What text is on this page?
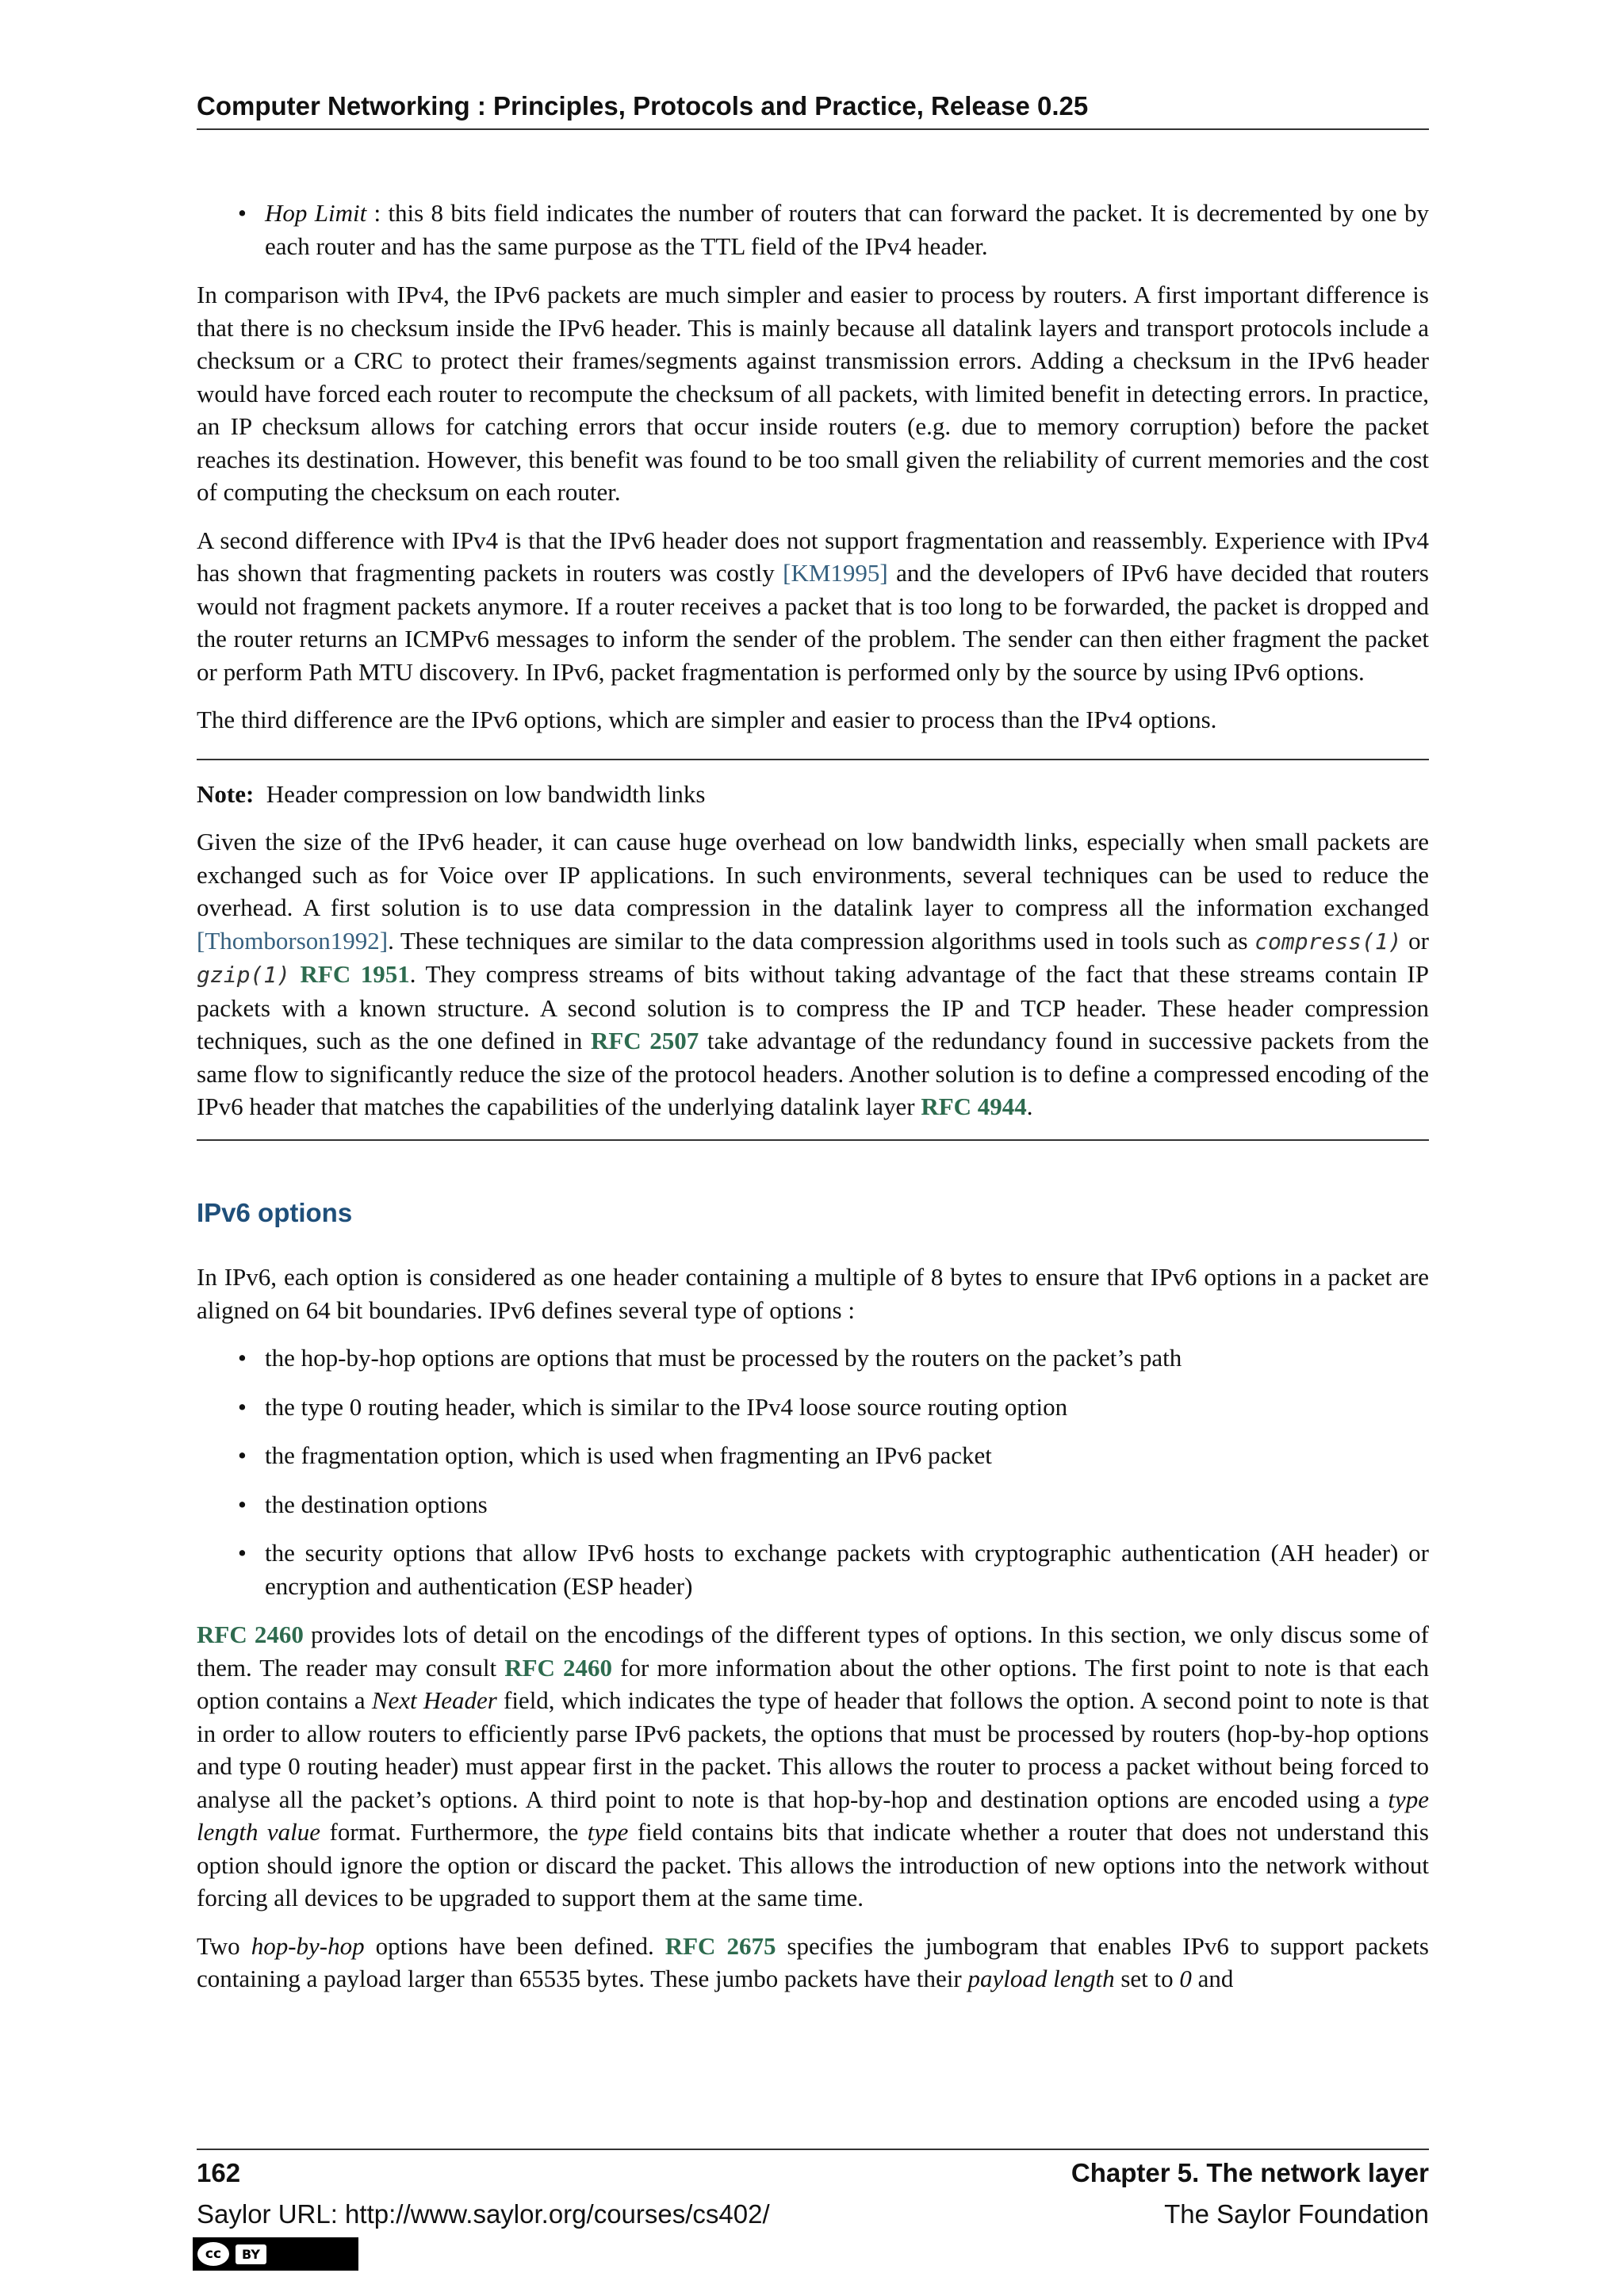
Computer Networking : Principles, Protocols and Practice, Release 0.25
• Hop Limit : this 8 bits field indicates the number of routers that can forward the packet. It is decremented by one by each router and has the same purpose as the TTL field of the IPv4 header.

In comparison with IPv4, the IPv6 packets are much simpler and easier to process by routers. A first important difference is that there is no checksum inside the IPv6 header. This is mainly because all datalink layers and transport protocols include a checksum or a CRC to protect their frames/segments against transmission errors. Adding a checksum in the IPv6 header would have forced each router to recompute the checksum of all packets, with limited benefit in detecting errors. In practice, an IP checksum allows for catching errors that occur inside routers (e.g. due to memory corruption) before the packet reaches its destination. However, this benefit was found to be too small given the reliability of current memories and the cost of computing the checksum on each router.

A second difference with IPv4 is that the IPv6 header does not support fragmentation and reassembly. Experience with IPv4 has shown that fragmenting packets in routers was costly [KM1995] and the developers of IPv6 have decided that routers would not fragment packets anymore. If a router receives a packet that is too long to be forwarded, the packet is dropped and the router returns an ICMPv6 messages to inform the sender of the problem. The sender can then either fragment the packet or perform Path MTU discovery. In IPv6, packet fragmentation is performed only by the source by using IPv6 options.

The third difference are the IPv6 options, which are simpler and easier to process than the IPv4 options.

Note: Header compression on low bandwidth links

Given the size of the IPv6 header, it can cause huge overhead on low bandwidth links, especially when small packets are exchanged such as for Voice over IP applications. In such environments, several techniques can be used to reduce the overhead. A first solution is to use data compression in the datalink layer to compress all the information exchanged [Thomborson1992]. These techniques are similar to the data compression algorithms used in tools such as compress(1) or gzip(1) RFC 1951. They compress streams of bits without taking advantage of the fact that these streams contain IP packets with a known structure. A second solution is to compress the IP and TCP header. These header compression techniques, such as the one defined in RFC 2507 take advantage of the redundancy found in successive packets from the same flow to significantly reduce the size of the protocol headers. Another solution is to define a compressed encoding of the IPv6 header that matches the capabilities of the underlying datalink layer RFC 4944.

IPv6 options

In IPv6, each option is considered as one header containing a multiple of 8 bytes to ensure that IPv6 options in a packet are aligned on 64 bit boundaries. IPv6 defines several type of options :

• the hop-by-hop options are options that must be processed by the routers on the packet’s path
• the type 0 routing header, which is similar to the IPv4 loose source routing option
• the fragmentation option, which is used when fragmenting an IPv6 packet
• the destination options
• the security options that allow IPv6 hosts to exchange packets with cryptographic authentication (AH header) or encryption and authentication (ESP header)

RFC 2460 provides lots of detail on the encodings of the different types of options. In this section, we only discus some of them. The reader may consult RFC 2460 for more information about the other options. The first point to note is that each option contains a Next Header field, which indicates the type of header that follows the option. A second point to note is that in order to allow routers to efficiently parse IPv6 packets, the options that must be processed by routers (hop-by-hop options and type 0 routing header) must appear first in the packet. This allows the router to process a packet without being forced to analyse all the packet’s options. A third point to note is that hop-by-hop and destination options are encoded using a type length value format. Furthermore, the type field contains bits that indicate whether a router that does not understand this option should ignore the option or discard the packet. This allows the introduction of new options into the network without forcing all devices to be upgraded to support them at the same time.

Two hop-by-hop options have been defined. RFC 2675 specifies the jumbogram that enables IPv6 to support packets containing a payload larger than 65535 bytes. These jumbo packets have their payload length set to 0 and

162	Chapter 5. The network layer
Saylor URL: http://www.saylor.org/courses/cs402/	The Saylor Foundation
cc	BY
